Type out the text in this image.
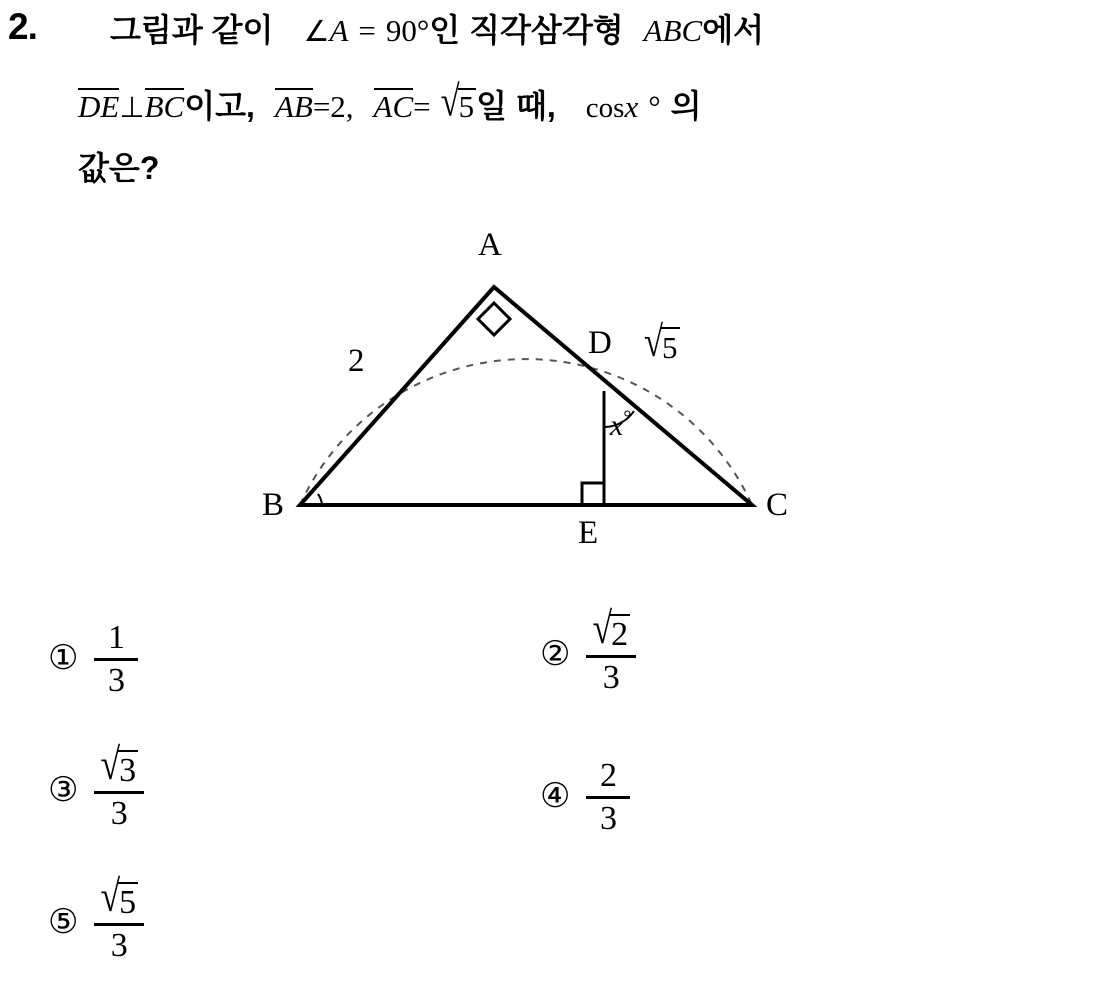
2. 그림과 같이 ∠A = 90°인 직각삼각형 ABC에서
DE⊥BC이고, AB=2, AC= √5일 때, cosx ° 의
값은?
A
B	C
D
E
2	√5
x°
① $\frac{1}{3}$	② $\frac{√2}{3}$
③ $\frac{√3}{3}$	④ $\frac{2}{3}$
⑤ $\frac{√5}{3}$
